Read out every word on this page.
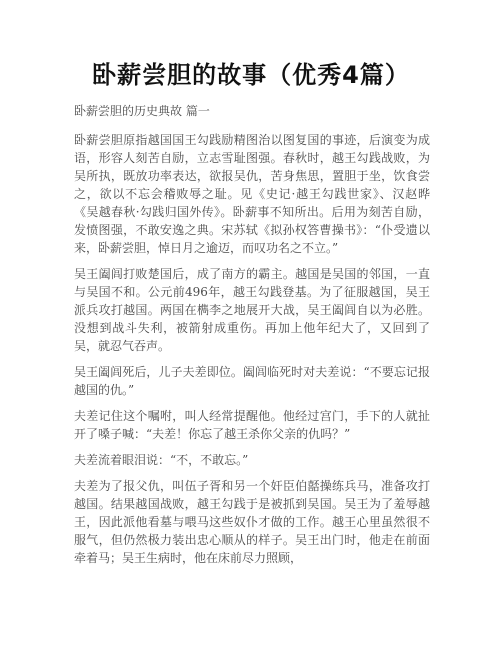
卧薪尝胆的故事（优秀4篇）
卧薪尝胆的历史典故 篇一

卧薪尝胆原指越国国王勾践励精图治以图复国的事迹，后演变为成语，形容人刻苦自励，立志雪耻图强。春秋时，越王勾践战败，为吴所执，既放功率表达，欲报吴仇，苦身焦思，置胆于坐，饮食尝之，欲以不忘会稽败辱之耻。见《史记·越王勾践世家》、汉赵晔《吴越春秋·勾践归国外传》。卧薪事不知所出。后用为刻苦自励，发愤图强，不敢安逸之典。宋苏轼《拟孙权答曹操书》：“仆受遗以来，卧薪尝胆，悼日月之逾迈，而叹功名之不立。”

吴王阖闾打败楚国后，成了南方的霸主。越国是吴国的邻国，一直与吴国不和。公元前496年，越王勾践登基。为了征服越国，吴王派兵攻打越国。两国在檇李之地展开大战，吴王阖闾自以为必胜。没想到战斗失利，被箭射成重伤。再加上他年纪大了，又回到了吴，就忍气吞声。

吴王阖闾死后，儿子夫差即位。阖闾临死时对夫差说：“不要忘记报越国的仇。”

夫差记住这个嘱咐，叫人经常提醒他。他经过宫门，手下的人就扯开了嗓子喊：“夫差！你忘了越王杀你父亲的仇吗？”

夫差流着眼泪说：“不，不敢忘。”

夫差为了报父仇，叫伍子胥和另一个奸臣伯嚭操练兵马，准备攻打越国。结果越国战败，越王勾践于是被抓到吴国。吴王为了羞辱越王，因此派他看墓与喂马这些奴仆才做的工作。越王心里虽然很不服气，但仍然极力装出忠心顺从的样子。吴王出门时，他走在前面牵着马；吴王生病时，他在床前尽力照顾，
